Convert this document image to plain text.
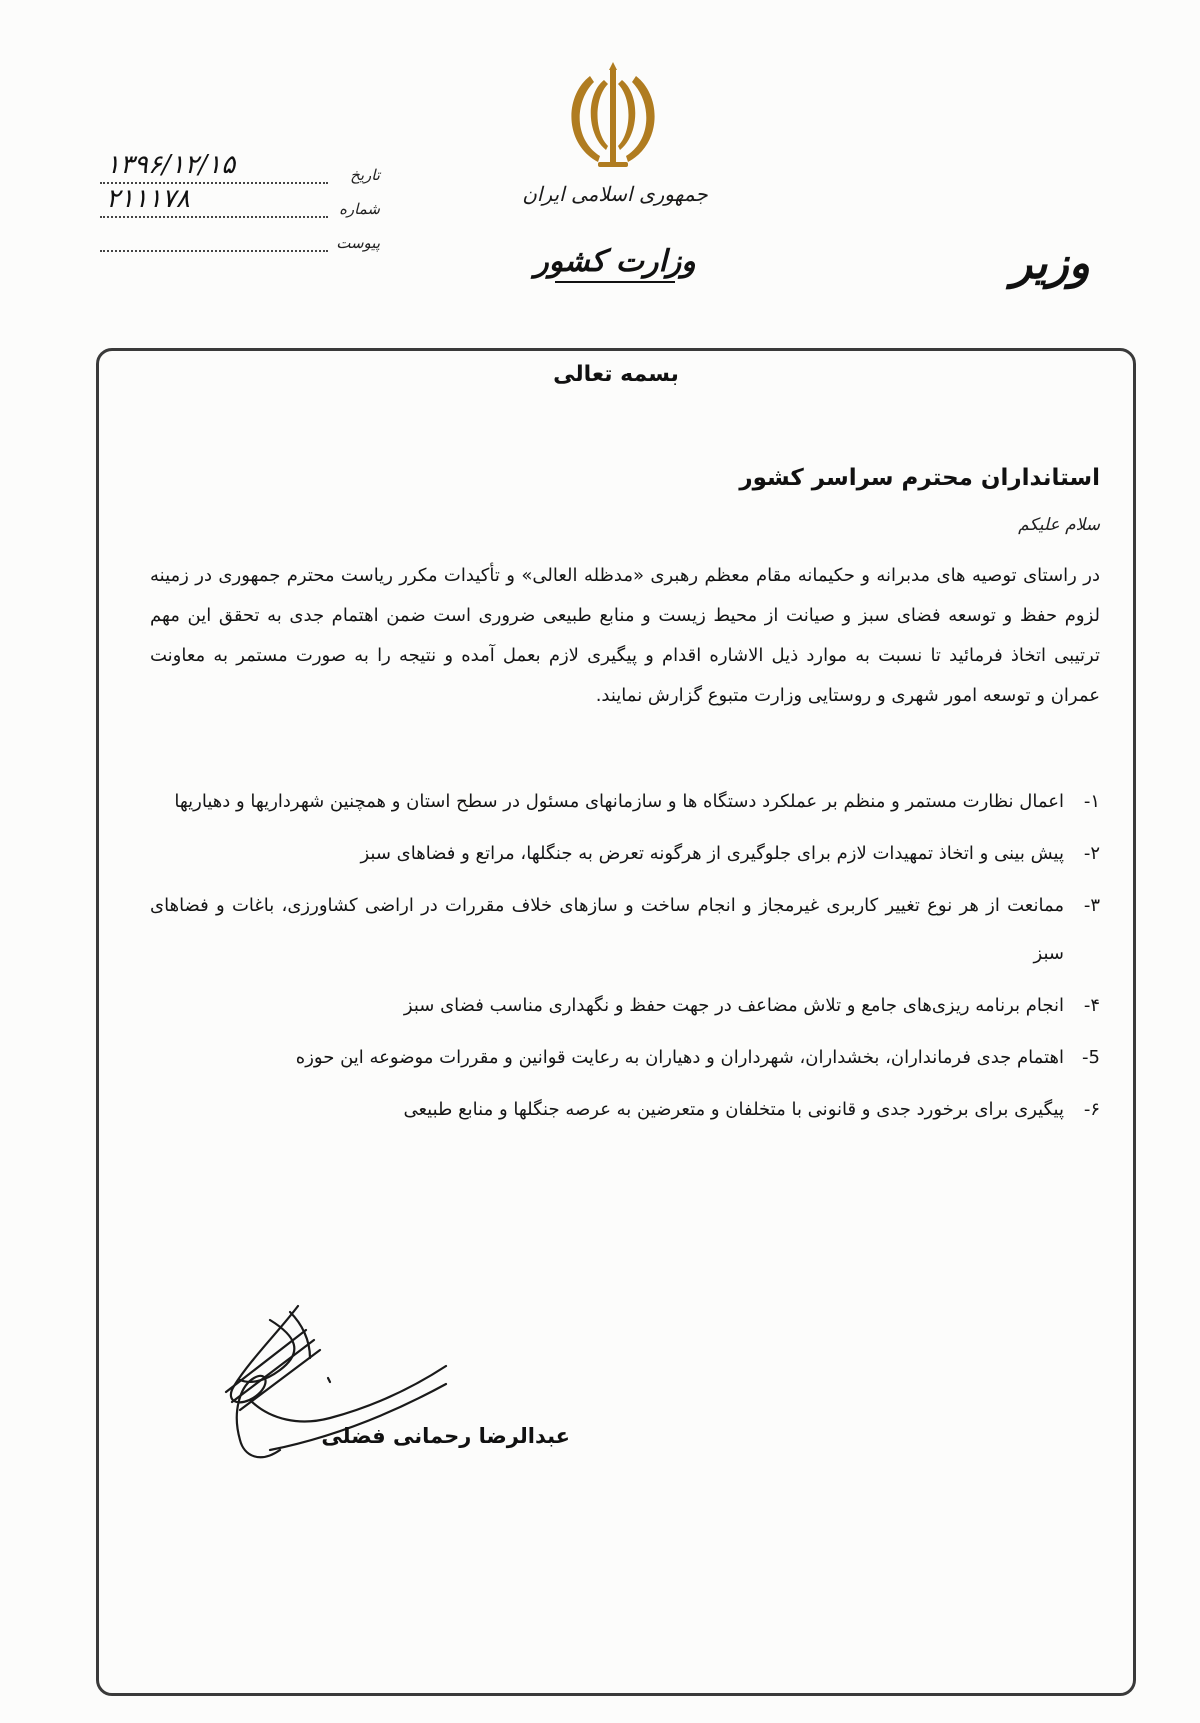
جمهوری اسلامی ایران
وزارت کشور	وزیر
تاریخ
۱۳۹۶/۱۲/۱۵
شماره
۲۱۱۱۷۸
پیوست
بسمه تعالی
استانداران محترم سراسر کشور
سلام علیکم
در راستای توصیه های مدبرانه و حکیمانه مقام معظم رهبری «مدظله العالی» و تأکیدات مکرر ریاست محترم جمهوری در زمینه لزوم حفظ و توسعه فضای سبز و صیانت از محیط زیست و منابع طبیعی ضروری است ضمن اهتمام جدی به تحقق این مهم ترتیبی اتخاذ فرمائید تا نسبت به موارد ذیل الاشاره اقدام و پیگیری لازم بعمل آمده و نتیجه را به صورت مستمر به معاونت عمران و توسعه امور شهری و روستایی وزارت متبوع گزارش نمایند.
۱-
اعمال نظارت مستمر و منظم بر عملکرد دستگاه ها و سازمانهای مسئول در سطح استان و همچنین شهرداریها و دهیاریها
۲-
پیش بینی و اتخاذ تمهیدات لازم برای جلوگیری از هرگونه تعرض به جنگلها، مراتع و فضاهای سبز
۳-
ممانعت از هر نوع تغییر کاربری غیرمجاز و انجام ساخت و سازهای خلاف مقررات در اراضی کشاورزی، باغات و فضاهای سبز
۴-
انجام برنامه ریزی‌های جامع و تلاش مضاعف در جهت حفظ و نگهداری مناسب فضای سبز
5-
اهتمام جدی فرمانداران، بخشداران، شهرداران و دهیاران به رعایت قوانین و مقررات موضوعه این حوزه
۶-
پیگیری برای برخورد جدی و قانونی با متخلفان و متعرضین به عرصه جنگلها و منابع طبیعی
عبدالرضا رحمانی فضلی
